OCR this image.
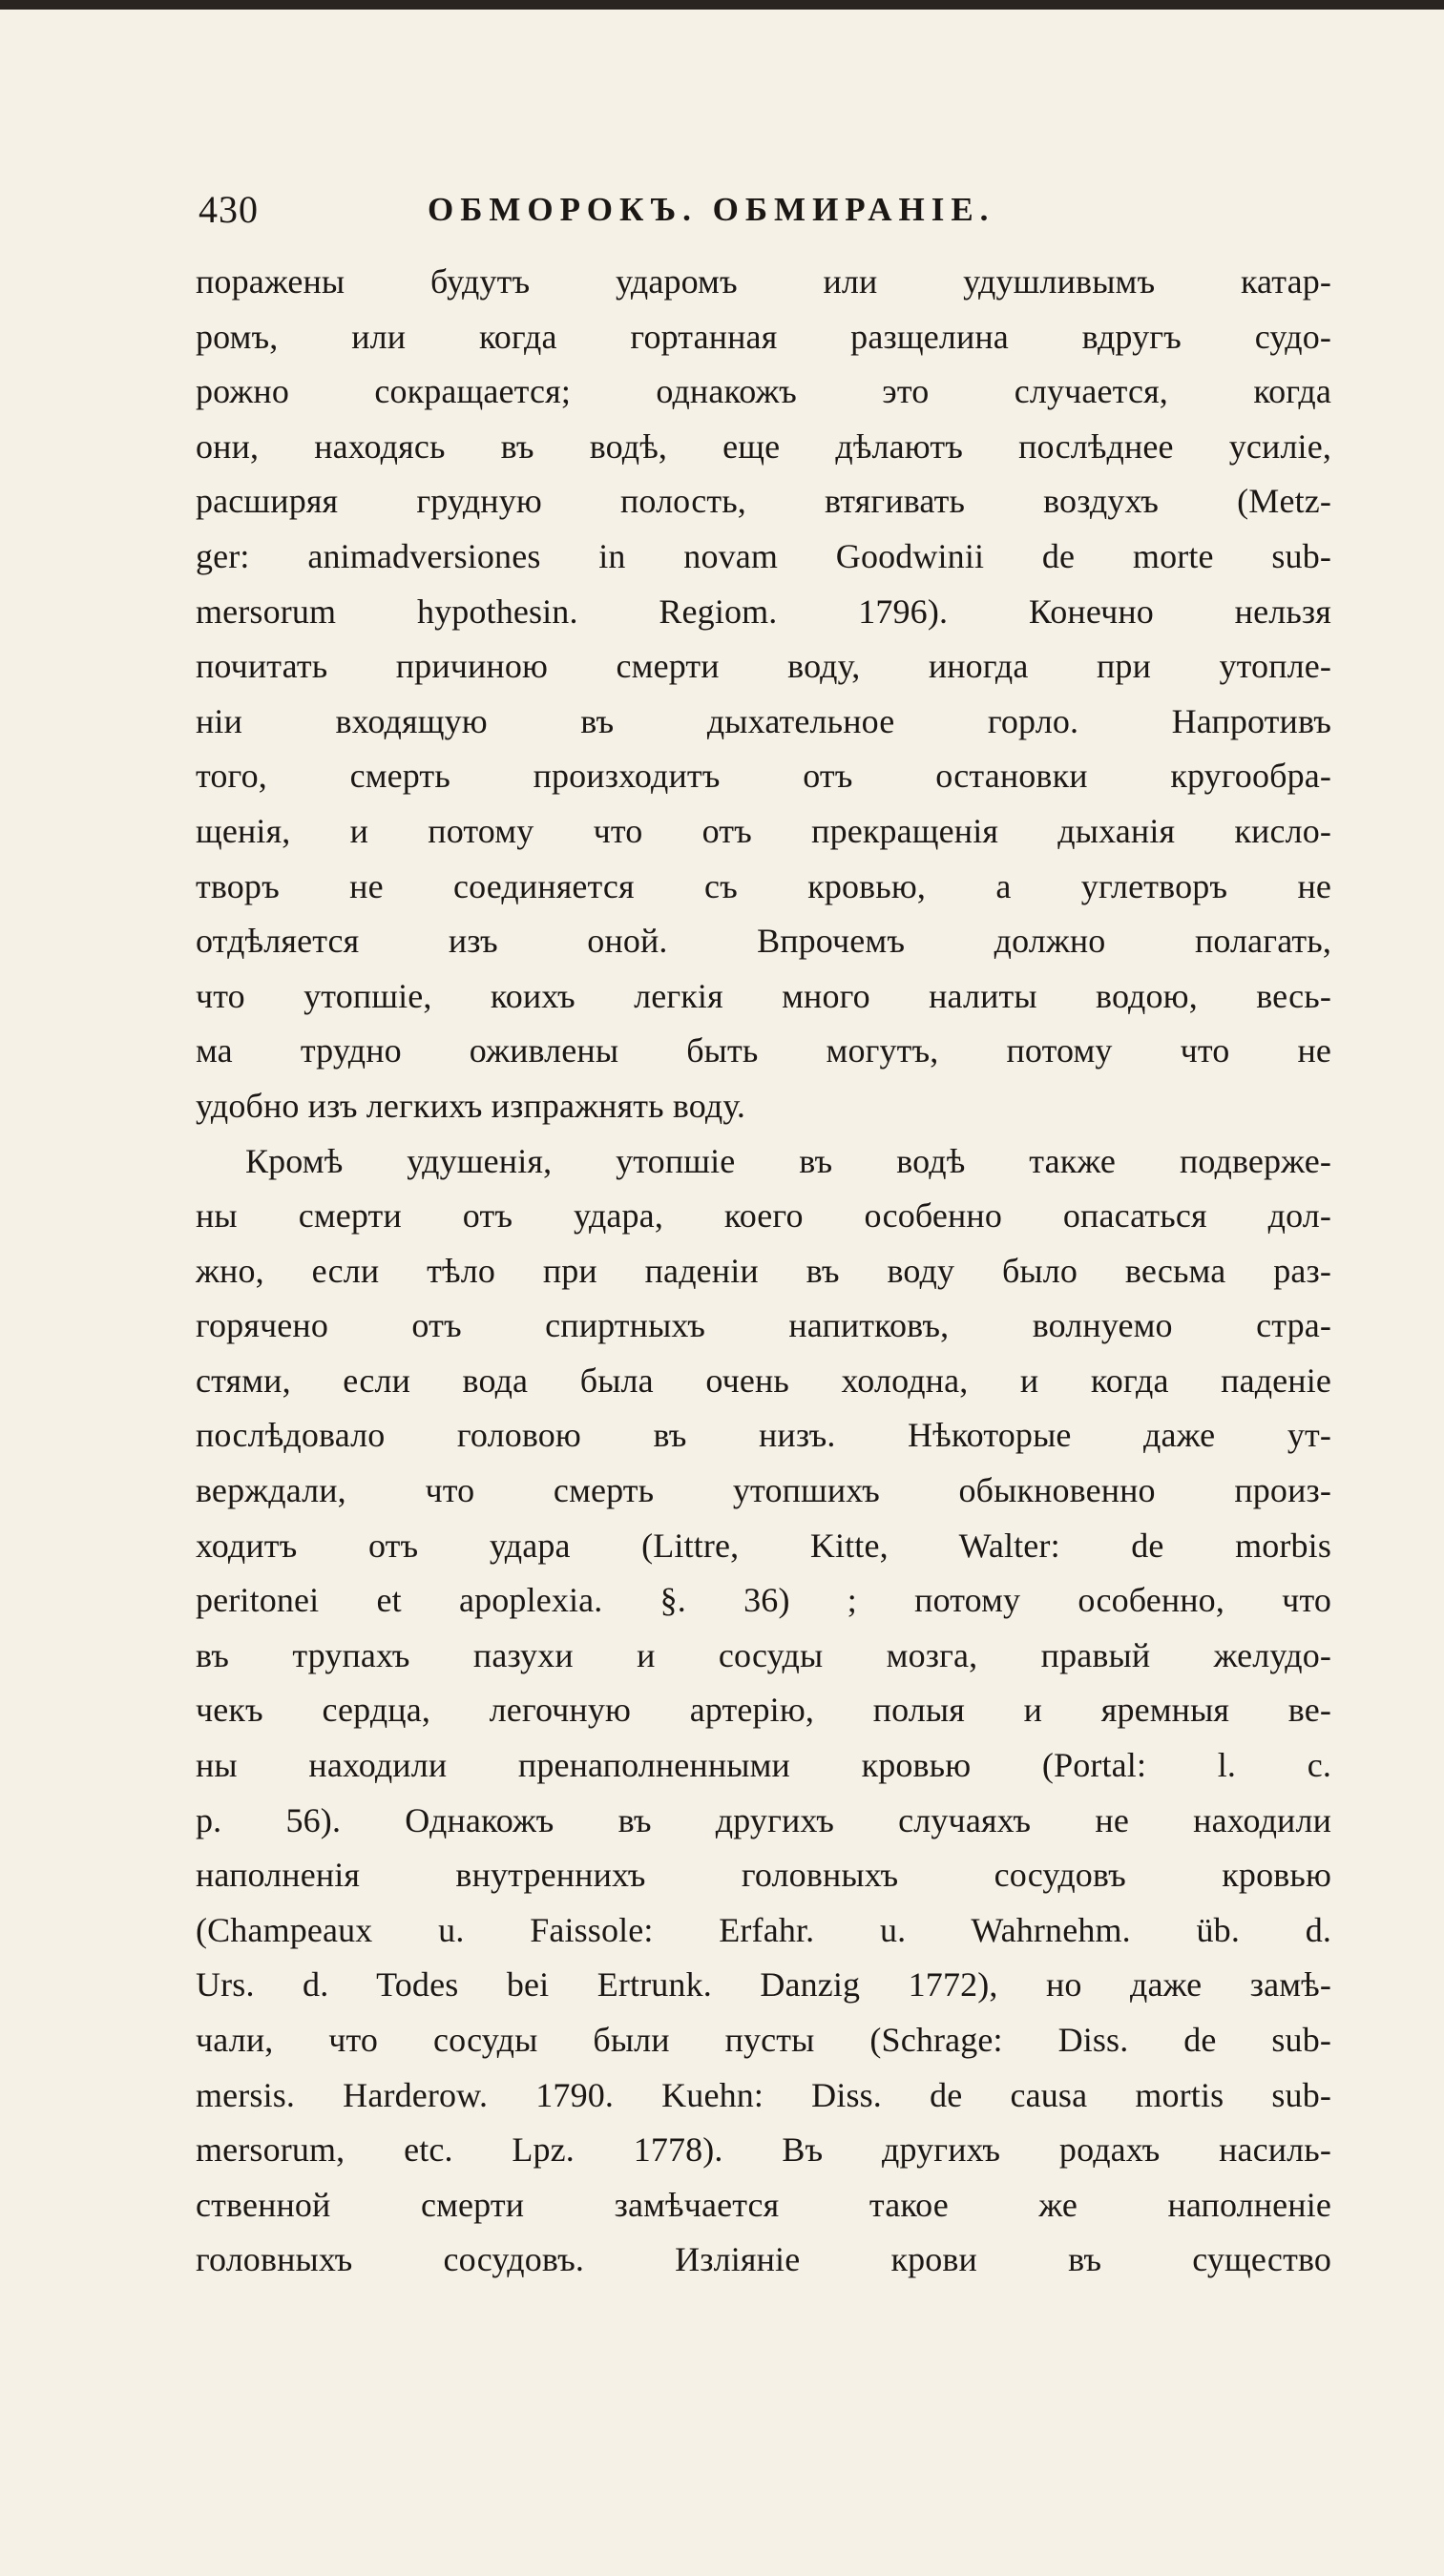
430	ОБМОРОКЪ. ОБМИРАНІЕ.
поражены будутъ ударомъ или удушливымъ катар-
ромъ, или когда гортанная разщелина вдругъ судо-
рожно сокращается; однакожъ это случается, когда
они, находясь въ водѣ, еще дѣлаютъ послѣднее усиліе,
расширяя грудную полость, втягивать воздухъ (Metz-
ger: animadversiones in novam Goodwinii de morte sub-
mersorum hypothesin. Regiom. 1796). Конечно нельзя
почитать причиною смерти воду, иногда при утопле-
ніи входящую въ дыхательное горло. Напротивъ
того, смерть произходитъ отъ остановки кругообра-
щенія, и потому что отъ прекращенія дыханія кисло-
творъ не соединяется съ кровью, а углетворъ не
отдѣляется изъ оной. Впрочемъ должно полагать,
что утопшіе, коихъ легкія много налиты водою, весь-
ма трудно оживлены быть могутъ, потому что не
удобно изъ легкихъ изпражнять воду.
Кромѣ удушенія, утопшіе въ водѣ также подверже-
ны смерти отъ удара, коего особенно опасаться дол-
жно, если тѣло при паденіи въ воду было весьма раз-
горячено отъ спиртныхъ напитковъ, волнуемо стра-
стями, если вода была очень холодна, и когда паденіе
послѣдовало головою въ низъ. Нѣкоторые даже ут-
верждали, что смерть утопшихъ обыкновенно произ-
ходитъ отъ удара (Littre, Kitte, Walter: de morbis
peritonei et apoplexia. §. 36) ; потому особенно, что
въ трупахъ пазухи и сосуды мозга, правый желудо-
чекъ сердца, легочную артерію, полыя и яремныя ве-
ны находили пренаполненными кровью (Portal: l. c.
p. 56). Однакожъ въ другихъ случаяхъ не находили
наполненія внутреннихъ головныхъ сосудовъ кровью
(Champeaux u. Faissole: Erfahr. u. Wahrnehm. üb. d.
Urs. d. Todes bei Ertrunk. Danzig 1772), но даже замѣ-
чали, что сосуды были пусты (Schrage: Diss. de sub-
mersis. Harderow. 1790. Kuehn: Diss. de causa mortis sub-
mersorum, etc. Lpz. 1778). Въ другихъ родахъ насиль-
ственной смерти замѣчается такое же наполненіе
головныхъ сосудовъ. Изліяніе крови въ существо
